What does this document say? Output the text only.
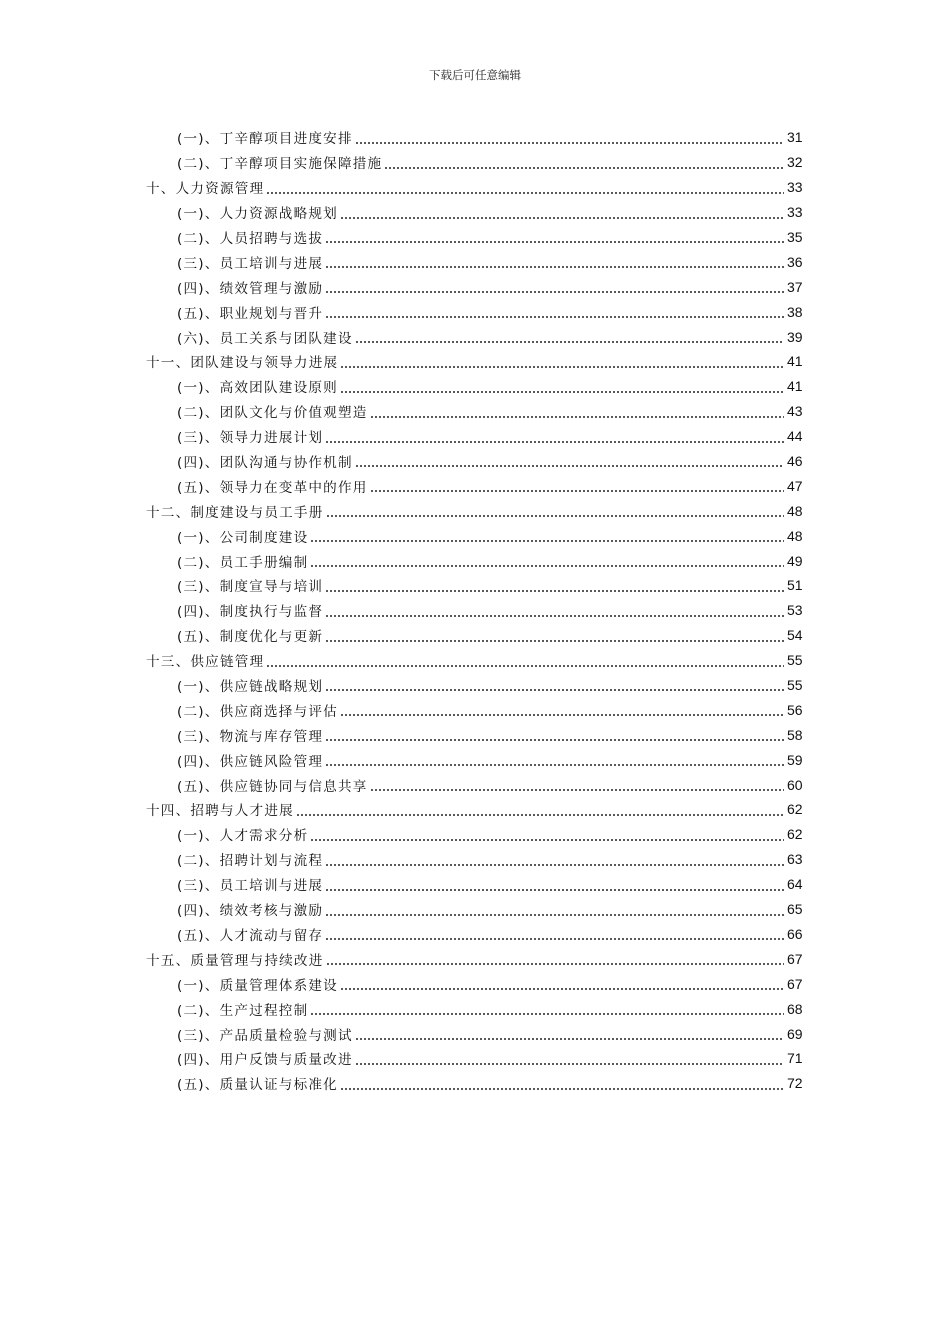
下载后可任意编辑
(一)、丁辛醇项目进度安排	31
(二)、丁辛醇项目实施保障措施	32
十、人力资源管理	33
(一)、人力资源战略规划	33
(二)、人员招聘与选拔	35
(三)、员工培训与进展	36
(四)、绩效管理与激励	37
(五)、职业规划与晋升	38
(六)、员工关系与团队建设	39
十一、团队建设与领导力进展	41
(一)、高效团队建设原则	41
(二)、团队文化与价值观塑造	43
(三)、领导力进展计划	44
(四)、团队沟通与协作机制	46
(五)、领导力在变革中的作用	47
十二、制度建设与员工手册	48
(一)、公司制度建设	48
(二)、员工手册编制	49
(三)、制度宣导与培训	51
(四)、制度执行与监督	53
(五)、制度优化与更新	54
十三、供应链管理	55
(一)、供应链战略规划	55
(二)、供应商选择与评估	56
(三)、物流与库存管理	58
(四)、供应链风险管理	59
(五)、供应链协同与信息共享	60
十四、招聘与人才进展	62
(一)、人才需求分析	62
(二)、招聘计划与流程	63
(三)、员工培训与进展	64
(四)、绩效考核与激励	65
(五)、人才流动与留存	66
十五、质量管理与持续改进	67
(一)、质量管理体系建设	67
(二)、生产过程控制	68
(三)、产品质量检验与测试	69
(四)、用户反馈与质量改进	71
(五)、质量认证与标准化	72
